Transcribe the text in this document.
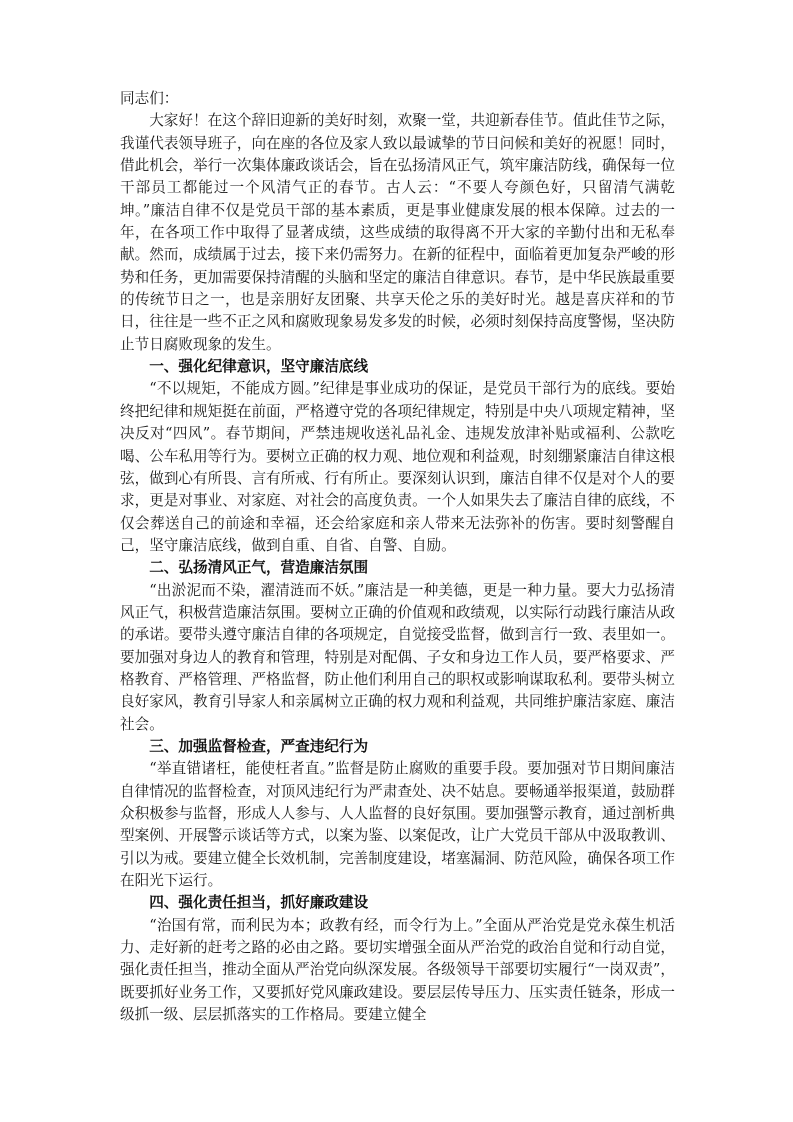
同志们：

大家好！在这个辞旧迎新的美好时刻，欢聚一堂，共迎新春佳节。值此佳节之际，我谨代表领导班子，向在座的各位及家人致以最诚挚的节日问候和美好的祝愿！同时，借此机会，举行一次集体廉政谈话会，旨在弘扬清风正气，筑牢廉洁防线，确保每一位干部员工都能过一个风清气正的春节。古人云：“不要人夸颜色好，只留清气满乾坤。”廉洁自律不仅是党员干部的基本素质，更是事业健康发展的根本保障。过去的一年，在各项工作中取得了显著成绩，这些成绩的取得离不开大家的辛勤付出和无私奉献。然而，成绩属于过去，接下来仍需努力。在新的征程中，面临着更加复杂严峻的形势和任务，更加需要保持清醒的头脑和坚定的廉洁自律意识。春节，是中华民族最重要的传统节日之一，也是亲朋好友团聚、共享天伦之乐的美好时光。越是喜庆祥和的节日，往往是一些不正之风和腐败现象易发多发的时候，必须时刻保持高度警惕，坚决防止节日腐败现象的发生。

一、强化纪律意识，坚守廉洁底线

“不以规矩，不能成方圆。”纪律是事业成功的保证，是党员干部行为的底线。要始终把纪律和规矩挺在前面，严格遵守党的各项纪律规定，特别是中央八项规定精神，坚决反对“四风”。春节期间，严禁违规收送礼品礼金、违规发放津补贴或福利、公款吃喝、公车私用等行为。要树立正确的权力观、地位观和利益观，时刻绷紧廉洁自律这根弦，做到心有所畏、言有所戒、行有所止。要深刻认识到，廉洁自律不仅是对个人的要求，更是对事业、对家庭、对社会的高度负责。一个人如果失去了廉洁自律的底线，不仅会葬送自己的前途和幸福，还会给家庭和亲人带来无法弥补的伤害。要时刻警醒自己，坚守廉洁底线，做到自重、自省、自警、自励。

二、弘扬清风正气，营造廉洁氛围

“出淤泥而不染，濯清涟而不妖。”廉洁是一种美德，更是一种力量。要大力弘扬清风正气，积极营造廉洁氛围。要树立正确的价值观和政绩观，以实际行动践行廉洁从政的承诺。要带头遵守廉洁自律的各项规定，自觉接受监督，做到言行一致、表里如一。要加强对身边人的教育和管理，特别是对配偶、子女和身边工作人员，要严格要求、严格教育、严格管理、严格监督，防止他们利用自己的职权或影响谋取私利。要带头树立良好家风，教育引导家人和亲属树立正确的权力观和利益观，共同维护廉洁家庭、廉洁社会。

三、加强监督检查，严查违纪行为

“举直错诸枉，能使枉者直。”监督是防止腐败的重要手段。要加强对节日期间廉洁自律情况的监督检查，对顶风违纪行为严肃查处、决不姑息。要畅通举报渠道，鼓励群众积极参与监督，形成人人参与、人人监督的良好氛围。要加强警示教育，通过剖析典型案例、开展警示谈话等方式，以案为鉴、以案促改，让广大党员干部从中汲取教训、引以为戒。要建立健全长效机制，完善制度建设，堵塞漏洞、防范风险，确保各项工作在阳光下运行。

四、强化责任担当，抓好廉政建设

“治国有常，而利民为本；政教有经，而令行为上。”全面从严治党是党永葆生机活力、走好新的赶考之路的必由之路。要切实增强全面从严治党的政治自觉和行动自觉，强化责任担当，推动全面从严治党向纵深发展。各级领导干部要切实履行“一岗双责”，既要抓好业务工作，又要抓好党风廉政建设。要层层传导压力、压实责任链条，形成一级抓一级、层层抓落实的工作格局。要建立健全
